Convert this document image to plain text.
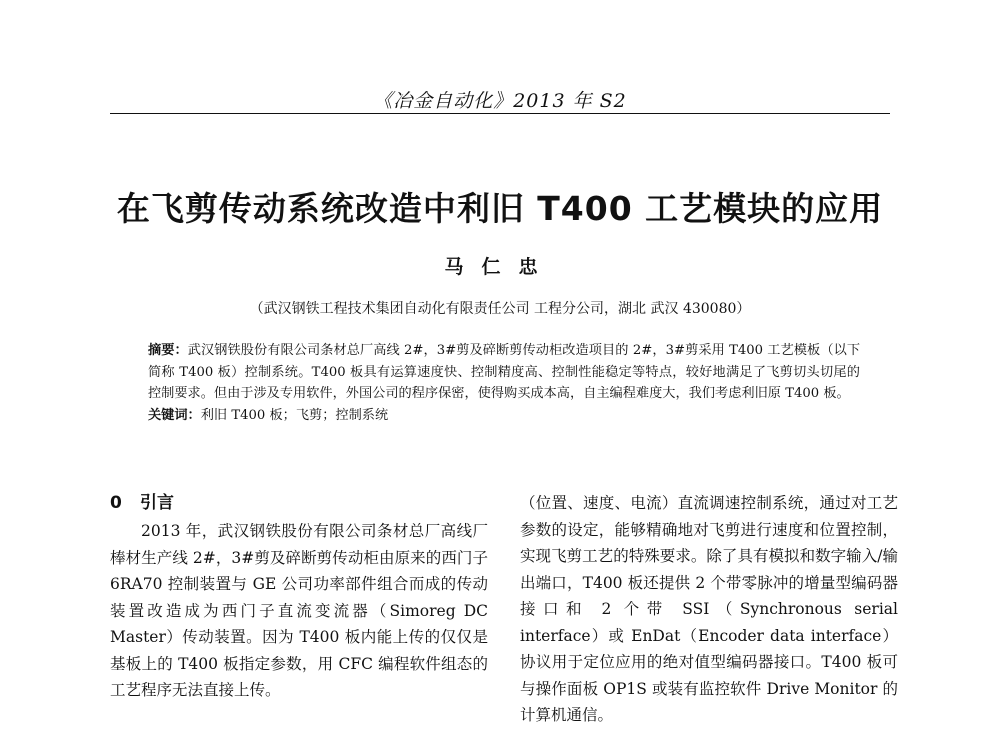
《冶金自动化》2013 年 S2
在飞剪传动系统改造中利旧 T400 工艺模块的应用
马仁忠
（武汉钢铁工程技术集团自动化有限责任公司 工程分公司，湖北 武汉 430080）

摘要：武汉钢铁股份有限公司条材总厂高线 2#，3#剪及碎断剪传动柜改造项目的 2#，3#剪采用 T400 工艺模板（以下简称 T400 板）控制系统。T400 板具有运算速度快、控制精度高、控制性能稳定等特点，较好地满足了飞剪切头切尾的控制要求。但由于涉及专用软件，外国公司的程序保密，使得购买成本高，自主编程难度大，我们考虑利旧原 T400 板。

关键词：利旧 T400 板；飞剪；控制系统

0 引言

2013 年，武汉钢铁股份有限公司条材总厂高线厂棒材生产线 2#，3#剪及碎断剪传动柜由原来的西门子 6RA70 控制装置与 GE 公司功率部件组合而成的传动装置改造成为西门子直流变流器（Simoreg DC Master）传动装置。因为 T400 板内能上传的仅仅是基板上的 T400 板指定参数，用 CFC 编程软件组态的工艺程序无法直接上传。

（位置、速度、电流）直流调速控制系统，通过对工艺参数的设定，能够精确地对飞剪进行速度和位置控制，实现飞剪工艺的特殊要求。除了具有模拟和数字输入/输出端口，T400 板还提供 2 个带零脉冲的增量型编码器接口和 2 个带 SSI（Synchronous serial interface）或 EnDat（Encoder data interface）协议用于定位应用的绝对值型编码器接口。T400 板可与操作面板 OP1S 或装有监控软件 Drive Monitor 的计算机通信。
